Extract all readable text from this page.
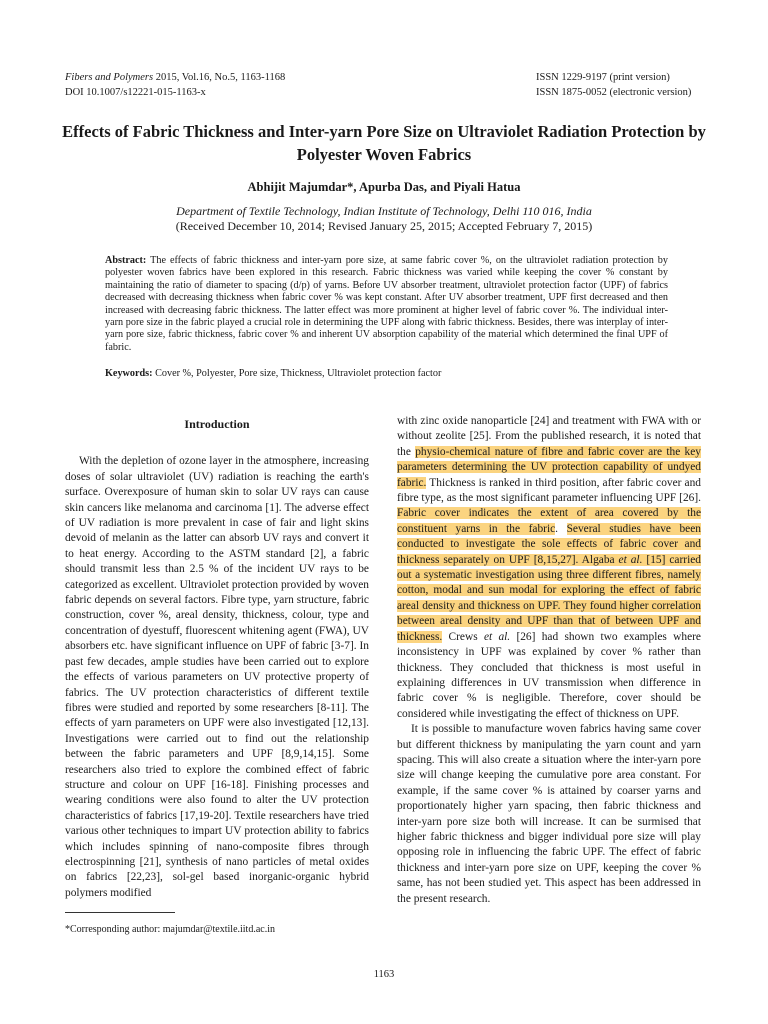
Fibers and Polymers 2015, Vol.16, No.5, 1163-1168
DOI 10.1007/s12221-015-1163-x
ISSN 1229-9197 (print version)
ISSN 1875-0052 (electronic version)
Effects of Fabric Thickness and Inter-yarn Pore Size on Ultraviolet Radiation Protection by Polyester Woven Fabrics
Abhijit Majumdar*, Apurba Das, and Piyali Hatua
Department of Textile Technology, Indian Institute of Technology, Delhi 110 016, India
(Received December 10, 2014; Revised January 25, 2015; Accepted February 7, 2015)
Abstract: The effects of fabric thickness and inter-yarn pore size, at same fabric cover %, on the ultraviolet radiation protection by polyester woven fabrics have been explored in this research. Fabric thickness was varied while keeping the cover % constant by maintaining the ratio of diameter to spacing (d/p) of yarns. Before UV absorber treatment, ultraviolet protection factor (UPF) of fabrics decreased with decreasing thickness when fabric cover % was kept constant. After UV absorber treatment, UPF first decreased and then increased with decreasing fabric thickness. The latter effect was more prominent at higher level of fabric cover %. The individual inter-yarn pore size in the fabric played a crucial role in determining the UPF along with fabric thickness. Besides, there was interplay of inter-yarn pore size, fabric thickness, fabric cover % and inherent UV absorption capability of the material which determined the final UPF of fabric.
Keywords: Cover %, Polyester, Pore size, Thickness, Ultraviolet protection factor
Introduction

With the depletion of ozone layer in the atmosphere, increasing doses of solar ultraviolet (UV) radiation is reaching the earth's surface. Overexposure of human skin to solar UV rays can cause skin cancers like melanoma and carcinoma [1]. The adverse effect of UV radiation is more prevalent in case of fair and light skins devoid of melanin as the latter can absorb UV rays and convert it to heat energy. According to the ASTM standard [2], a fabric should transmit less than 2.5 % of the incident UV rays to be categorized as excellent. Ultraviolet protection provided by woven fabric depends on several factors. Fibre type, yarn structure, fabric construction, cover %, areal density, thickness, colour, type and concentration of dyestuff, fluorescent whitening agent (FWA), UV absorbers etc. have significant influence on UPF of fabric [3-7]. In past few decades, ample studies have been carried out to explore the effects of various parameters on UV protective property of fabrics. The UV protection characteristics of different textile fibres were studied and reported by some researchers [8-11]. The effects of yarn parameters on UPF were also investigated [12,13]. Investigations were carried out to find out the relationship between the fabric parameters and UPF [8,9,14,15]. Some researchers also tried to explore the combined effect of fabric structure and colour on UPF [16-18]. Finishing processes and wearing conditions were also found to alter the UV protection characteristics of fabrics [17,19-20]. Textile researchers have tried various other techniques to impart UV protection ability to fabrics which includes spinning of nano-composite fibres through electrospinning [21], synthesis of nano particles of metal oxides on fabrics [22,23], sol-gel based inorganic-organic hybrid polymers modified

with zinc oxide nanoparticle [24] and treatment with FWA with or without zeolite [25]. From the published research, it is noted that the physio-chemical nature of fibre and fabric cover are the key parameters determining the UV protection capability of undyed fabric. Thickness is ranked in third position, after fabric cover and fibre type, as the most significant parameter influencing UPF [26]. Fabric cover indicates the extent of area covered by the constituent yarns in the fabric. Several studies have been conducted to investigate the sole effects of fabric cover and thickness separately on UPF [8,15,27]. Algaba et al. [15] carried out a systematic investigation using three different fibres, namely cotton, modal and sun modal for exploring the effect of fabric areal density and thickness on UPF. They found higher correlation between areal density and UPF than that of between UPF and thickness. Crews et al. [26] had shown two examples where inconsistency in UPF was explained by cover % rather than thickness. They concluded that thickness is most useful in explaining differences in UV transmission when difference in fabric cover % is negligible. Therefore, cover should be considered while investigating the effect of thickness on UPF.

It is possible to manufacture woven fabrics having same cover but different thickness by manipulating the yarn count and yarn spacing. This will also create a situation where the inter-yarn pore size will change keeping the cumulative pore area constant. For example, if the same cover % is attained by coarser yarns and proportionately higher yarn spacing, then fabric thickness and inter-yarn pore size both will increase. It can be surmised that higher fabric thickness and bigger individual pore size will play opposing role in influencing the fabric UPF. The effect of fabric thickness and inter-yarn pore size on UPF, keeping the cover % same, has not been studied yet. This aspect has been addressed in the present research.

*Corresponding author: majumdar@textile.iitd.ac.in
1163
